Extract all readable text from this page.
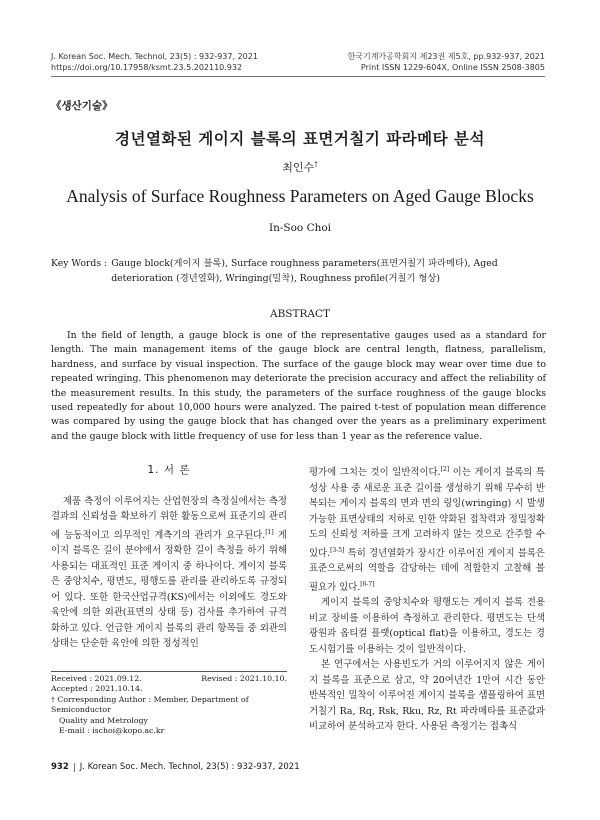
J. Korean Soc. Mech. Technol, 23(5) : 932-937, 2021
https://doi.org/10.17958/ksmt.23.5.202110.932
한국기계가공학회지 제23권 제5호, pp.932-937, 2021
Print ISSN 1229-604X, Online ISSN 2508-3805
《생산기술》
경년열화된 게이지 블록의 표면거칠기 파라메타 분석
최인수†
Analysis of Surface Roughness Parameters on Aged Gauge Blocks
In-Soo Choi
Key Words : Gauge block(게이지 블록), Surface roughness parameters(표면거칠기 파라메타), Aged deterioration (경년열화), Wringing(밀착), Roughness profile(거칠기 형상)
ABSTRACT

In the field of length, a gauge block is one of the representative gauges used as a standard for length. The main management items of the gauge block are central length, flatness, parallelism, hardness, and surface by visual inspection. The surface of the gauge block may wear over time due to repeated wringing. This phenomenon may deteriorate the precision accuracy and affect the reliability of the measurement results. In this study, the parameters of the surface roughness of the gauge blocks used repeatedly for about 10,000 hours were analyzed. The paired t-test of population mean difference was compared by using the gauge block that has changed over the years as a preliminary experiment and the gauge block with little frequency of use for less than 1 year as the reference value.

1. 서 론

제품 측정이 이루어지는 산업현장의 측정실에서는 측정 결과의 신뢰성을 확보하기 위한 활동으로써 표준기의 관리에 능동적이고 의무적인 계측기의 관리가 요구된다.[1] 게이지 블록은 길이 분야에서 정확한 길이 측정을 하기 위해 사용되는 대표적인 표준 게이지 중 하나이다. 게이지 블록은 중앙치수, 평면도, 평행도를 관리를 관리하도록 규정되어 있다. 또한 한국산업규격(KS)에서는 이외에도 경도와 육안에 의한 외관(표면의 상태 등) 검사를 추가하여 규격화하고 있다. 언급한 게이지 블록의 관리 항목들 중 외관의 상태는 단순한 육안에 의한 정성적인

평가에 그치는 것이 일반적이다.[2] 이는 게이지 블록의 특성상 사용 중 새로운 표준 길이를 생성하기 위해 무수히 반복되는 게이지 블록의 면과 면의 링잉(wringing) 시 발생 가능한 표면상태의 저하로 인한 약화된 접착력과 정밀정확도의 신뢰성 저하를 크게 고려하지 않는 것으로 간주할 수 있다.[3-5] 특히 경년열화가 장시간 이루어진 게이지 블록은 표준으로써의 역할을 감당하는 데에 적합한지 고찰해 볼 필요가 있다.[6-7]

게이지 블록의 중앙치수와 평행도는 게이지 블록 전용 비교 장비를 이용하여 측정하고 관리한다. 평면도는 단색광원과 옵티컬 플랫(optical flat)을 이용하고, 경도는 경도시험기를 이용하는 것이 일반적이다.

본 연구에서는 사용빈도가 거의 이루어지지 않은 게이지 블록을 표준으로 삼고, 약 20여년간 1만여 시간 동안 반복적인 밀착이 이루어진 게이지 블록을 샘플링하여 표면거칠기 Ra, Rq, Rsk, Rku, Rz, Rt 파라메타를 표준값과 비교하여 분석하고자 한다. 사용된 측정기는 접촉식

Received : 2021.09.12.	Revised : 2021.10.10.
Accepted : 2021.10.14.
† Corresponding Author : Member, Department of Semiconductor
Quality and Metrology
E-mail : ischoi@kopo.ac.kr
932 J. Korean Soc. Mech. Technol, 23(5) : 932-937, 2021
